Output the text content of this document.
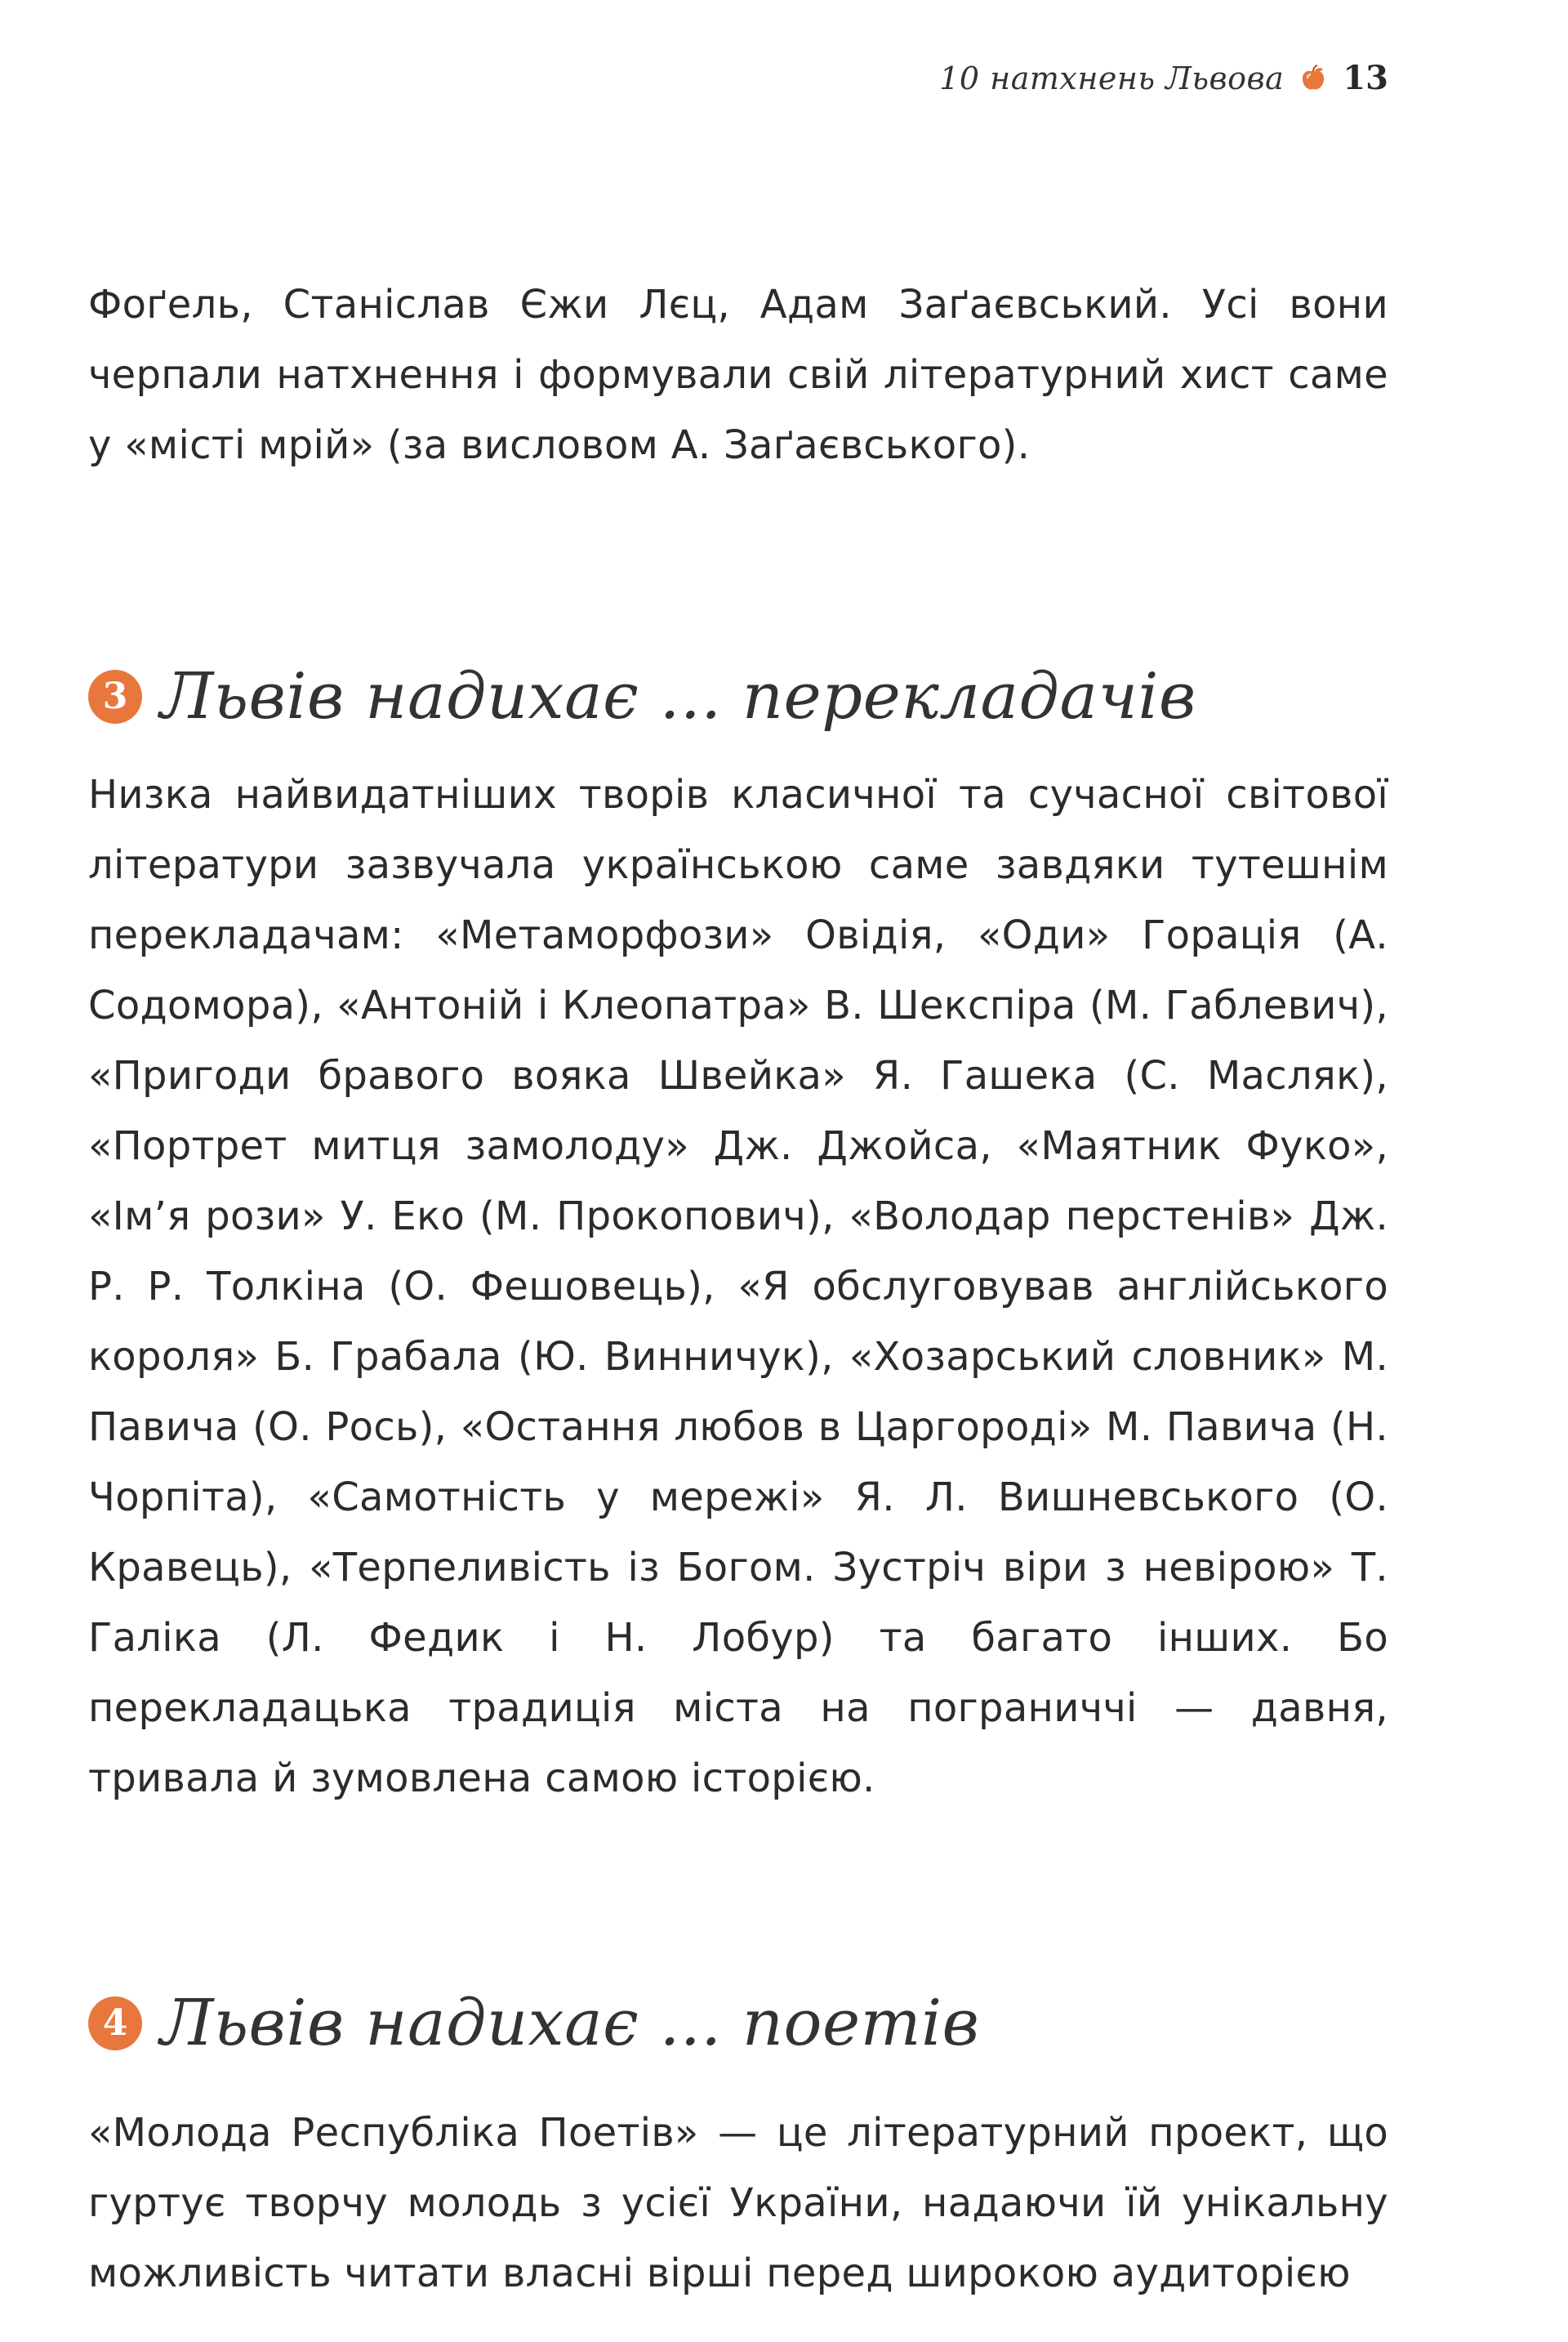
10 натхнень Львова 13

Фоґель, Станіслав Єжи Лєц, Адам Заґаєвський. Усі вони черпали натхнення і формували свій літературний хист саме у «місті мрій» (за висловом А. Заґаєвського).

3 Львів надихає ... перекладачів

Низка найвидатніших творів класичної та сучасної світової літератури зазвучала українською саме завдяки тутешнім перекладачам: «Метаморфози» Овідія, «Оди» Горація (А. Содомора), «Антоній і Клеопатра» В. Шекспіра (М. Габлевич), «Пригоди бравого вояка Швейка» Я. Гашека (С. Масляк), «Портрет митця замолоду» Дж. Джойса, «Маятник Фуко», «Ім’я рози» У. Еко (М. Прокопович), «Володар перстенів» Дж. Р. Р. Толкіна (О. Фешовець), «Я обслуговував англійського короля» Б. Грабала (Ю. Винничук), «Хозарський словник» М. Павича (О. Рось), «Остання любов в Царгороді» М. Павича (Н. Чорпіта), «Самотність у мережі» Я. Л. Вишневського (О. Кравець), «Терпеливість із Богом. Зустріч віри з невірою» Т. Галіка (Л. Федик і Н. Лобур) та багато інших. Бо перекладацька традиція міста на пограниччі — давня, тривала й зумовлена самою історією.

4 Львів надихає ... поетів

«Молода Республіка Поетів» — це літературний проект, що гуртує творчу молодь з усієї України, надаючи їй унікальну можливість читати власні вірші перед широкою аудиторією
